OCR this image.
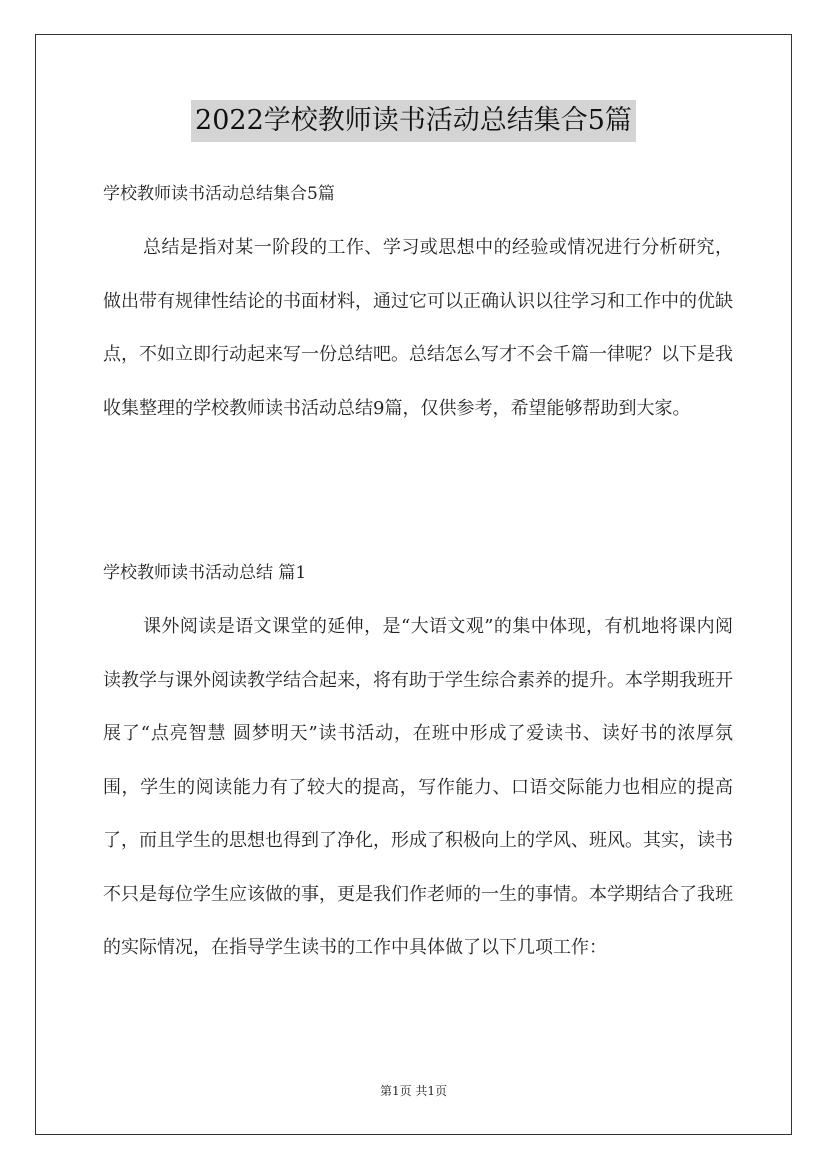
2022学校教师读书活动总结集合5篇
学校教师读书活动总结集合5篇

总结是指对某一阶段的工作、学习或思想中的经验或情况进行分析研究，做出带有规律性结论的书面材料，通过它可以正确认识以往学习和工作中的优缺点，不如立即行动起来写一份总结吧。总结怎么写才不会千篇一律呢？以下是我收集整理的学校教师读书活动总结9篇，仅供参考，希望能够帮助到大家。

学校教师读书活动总结 篇1

课外阅读是语文课堂的延伸，是“大语文观”的集中体现，有机地将课内阅读教学与课外阅读教学结合起来，将有助于学生综合素养的提升。本学期我班开展了“点亮智慧 圆梦明天”读书活动，在班中形成了爱读书、读好书的浓厚氛围，学生的阅读能力有了较大的提高，写作能力、口语交际能力也相应的提高了，而且学生的思想也得到了净化，形成了积极向上的学风、班风。其实，读书不只是每位学生应该做的事，更是我们作老师的一生的事情。本学期结合了我班的实际情况，在指导学生读书的工作中具体做了以下几项工作：

第1页 共1页
